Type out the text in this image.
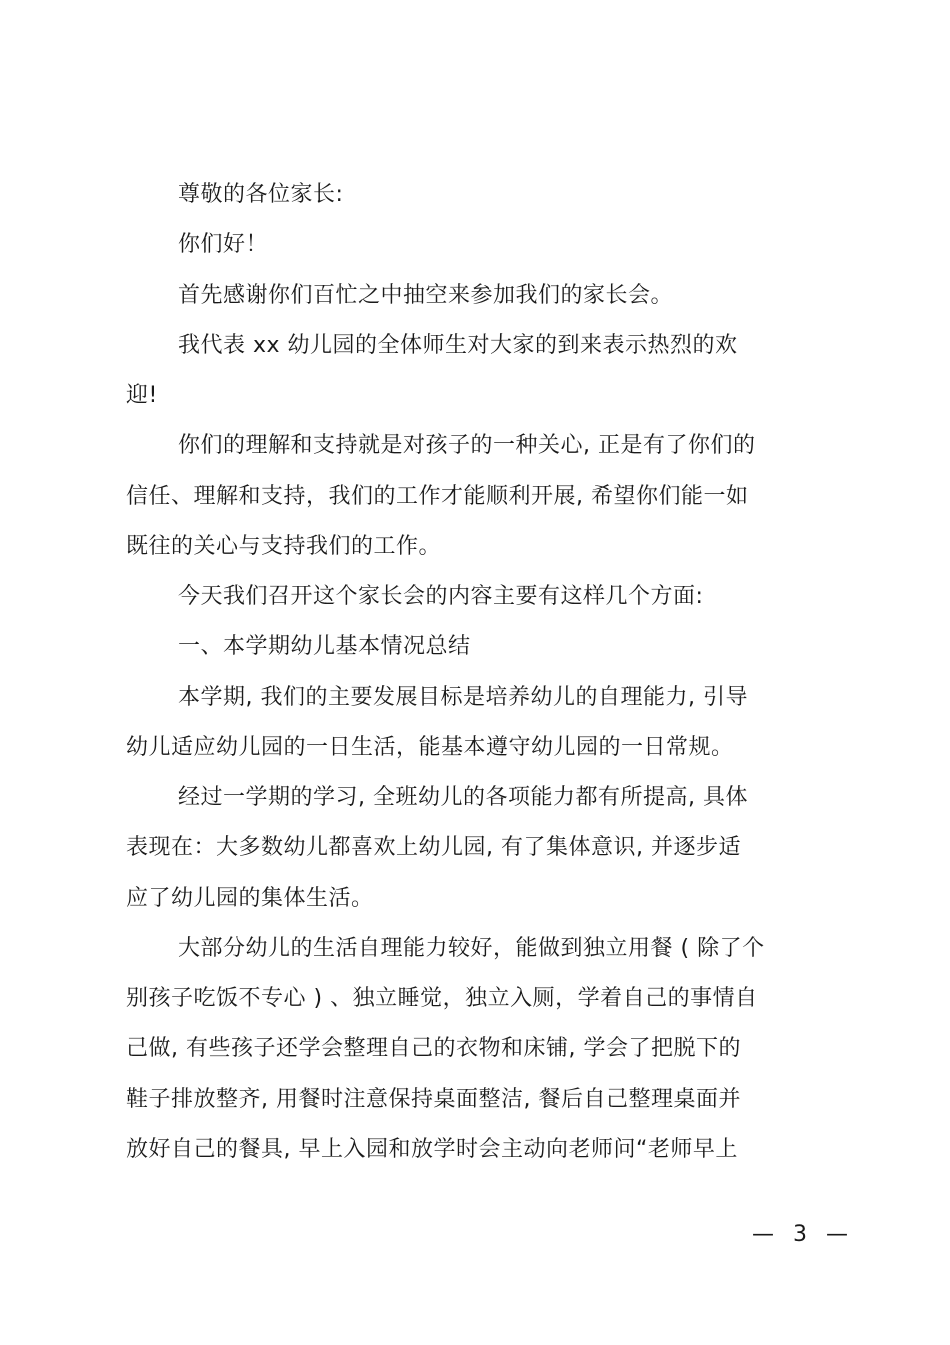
尊敬的各位家长:
你们好！
首先感谢你们百忙之中抽空来参加我们的家长会。
我代表 xx 幼儿园的全体师生对大家的到来表示热烈的欢
迎!
你们的理解和支持就是对孩子的一种关心, 正是有了你们的
信任、理解和支持，我们的工作才能顺利开展, 希望你们能一如
既往的关心与支持我们的工作。
今天我们召开这个家长会的内容主要有这样几个方面:
一、本学期幼儿基本情况总结
本学期, 我们的主要发展目标是培养幼儿的自理能力, 引导
幼儿适应幼儿园的一日生活，能基本遵守幼儿园的一日常规。
经过一学期的学习, 全班幼儿的各项能力都有所提高, 具体
表现在：大多数幼儿都喜欢上幼儿园, 有了集体意识, 并逐步适
应了幼儿园的集体生活。
大部分幼儿的生活自理能力较好，能做到独立用餐 ( 除了个
别孩子吃饭不专心 ) 、独立睡觉，独立入厕，学着自己的事情自
己做, 有些孩子还学会整理自己的衣物和床铺, 学会了把脱下的
鞋子排放整齐, 用餐时注意保持桌面整洁, 餐后自己整理桌面并
放好自己的餐具, 早上入园和放学时会主动向老师问“老师早上
— 3 —
